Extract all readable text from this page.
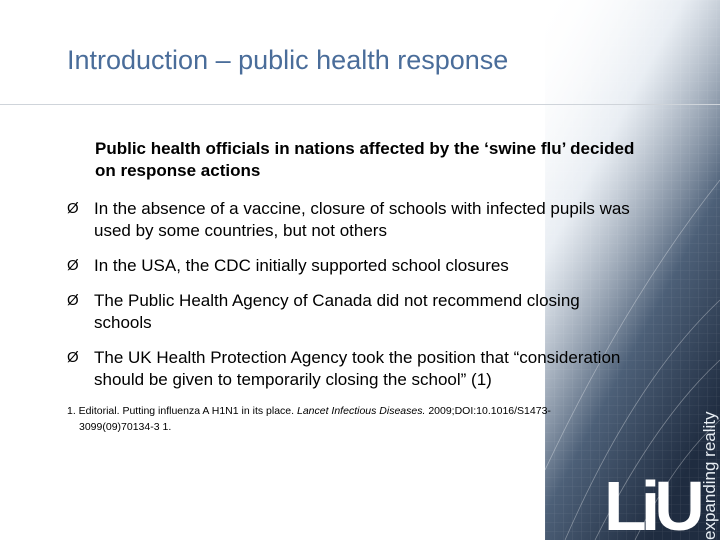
Introduction – public health response
Public health officials in nations affected by the ‘swine flu’ decided on response actions
Ø In the absence of a vaccine, closure of schools with infected pupils was used by some countries, but not others
Ø In the USA, the CDC initially supported school closures
Ø The Public Health Agency of Canada did not recommend closing schools
Ø The UK Health Protection Agency took the position that “consideration should be given to temporarily closing the school” (1)
1. Editorial. Putting influenza A H1N1 in its place. Lancet Infectious Diseases. 2009;DOI:10.1016/S1473-
3099(09)70134-3 1.	expanding reality
LiU
